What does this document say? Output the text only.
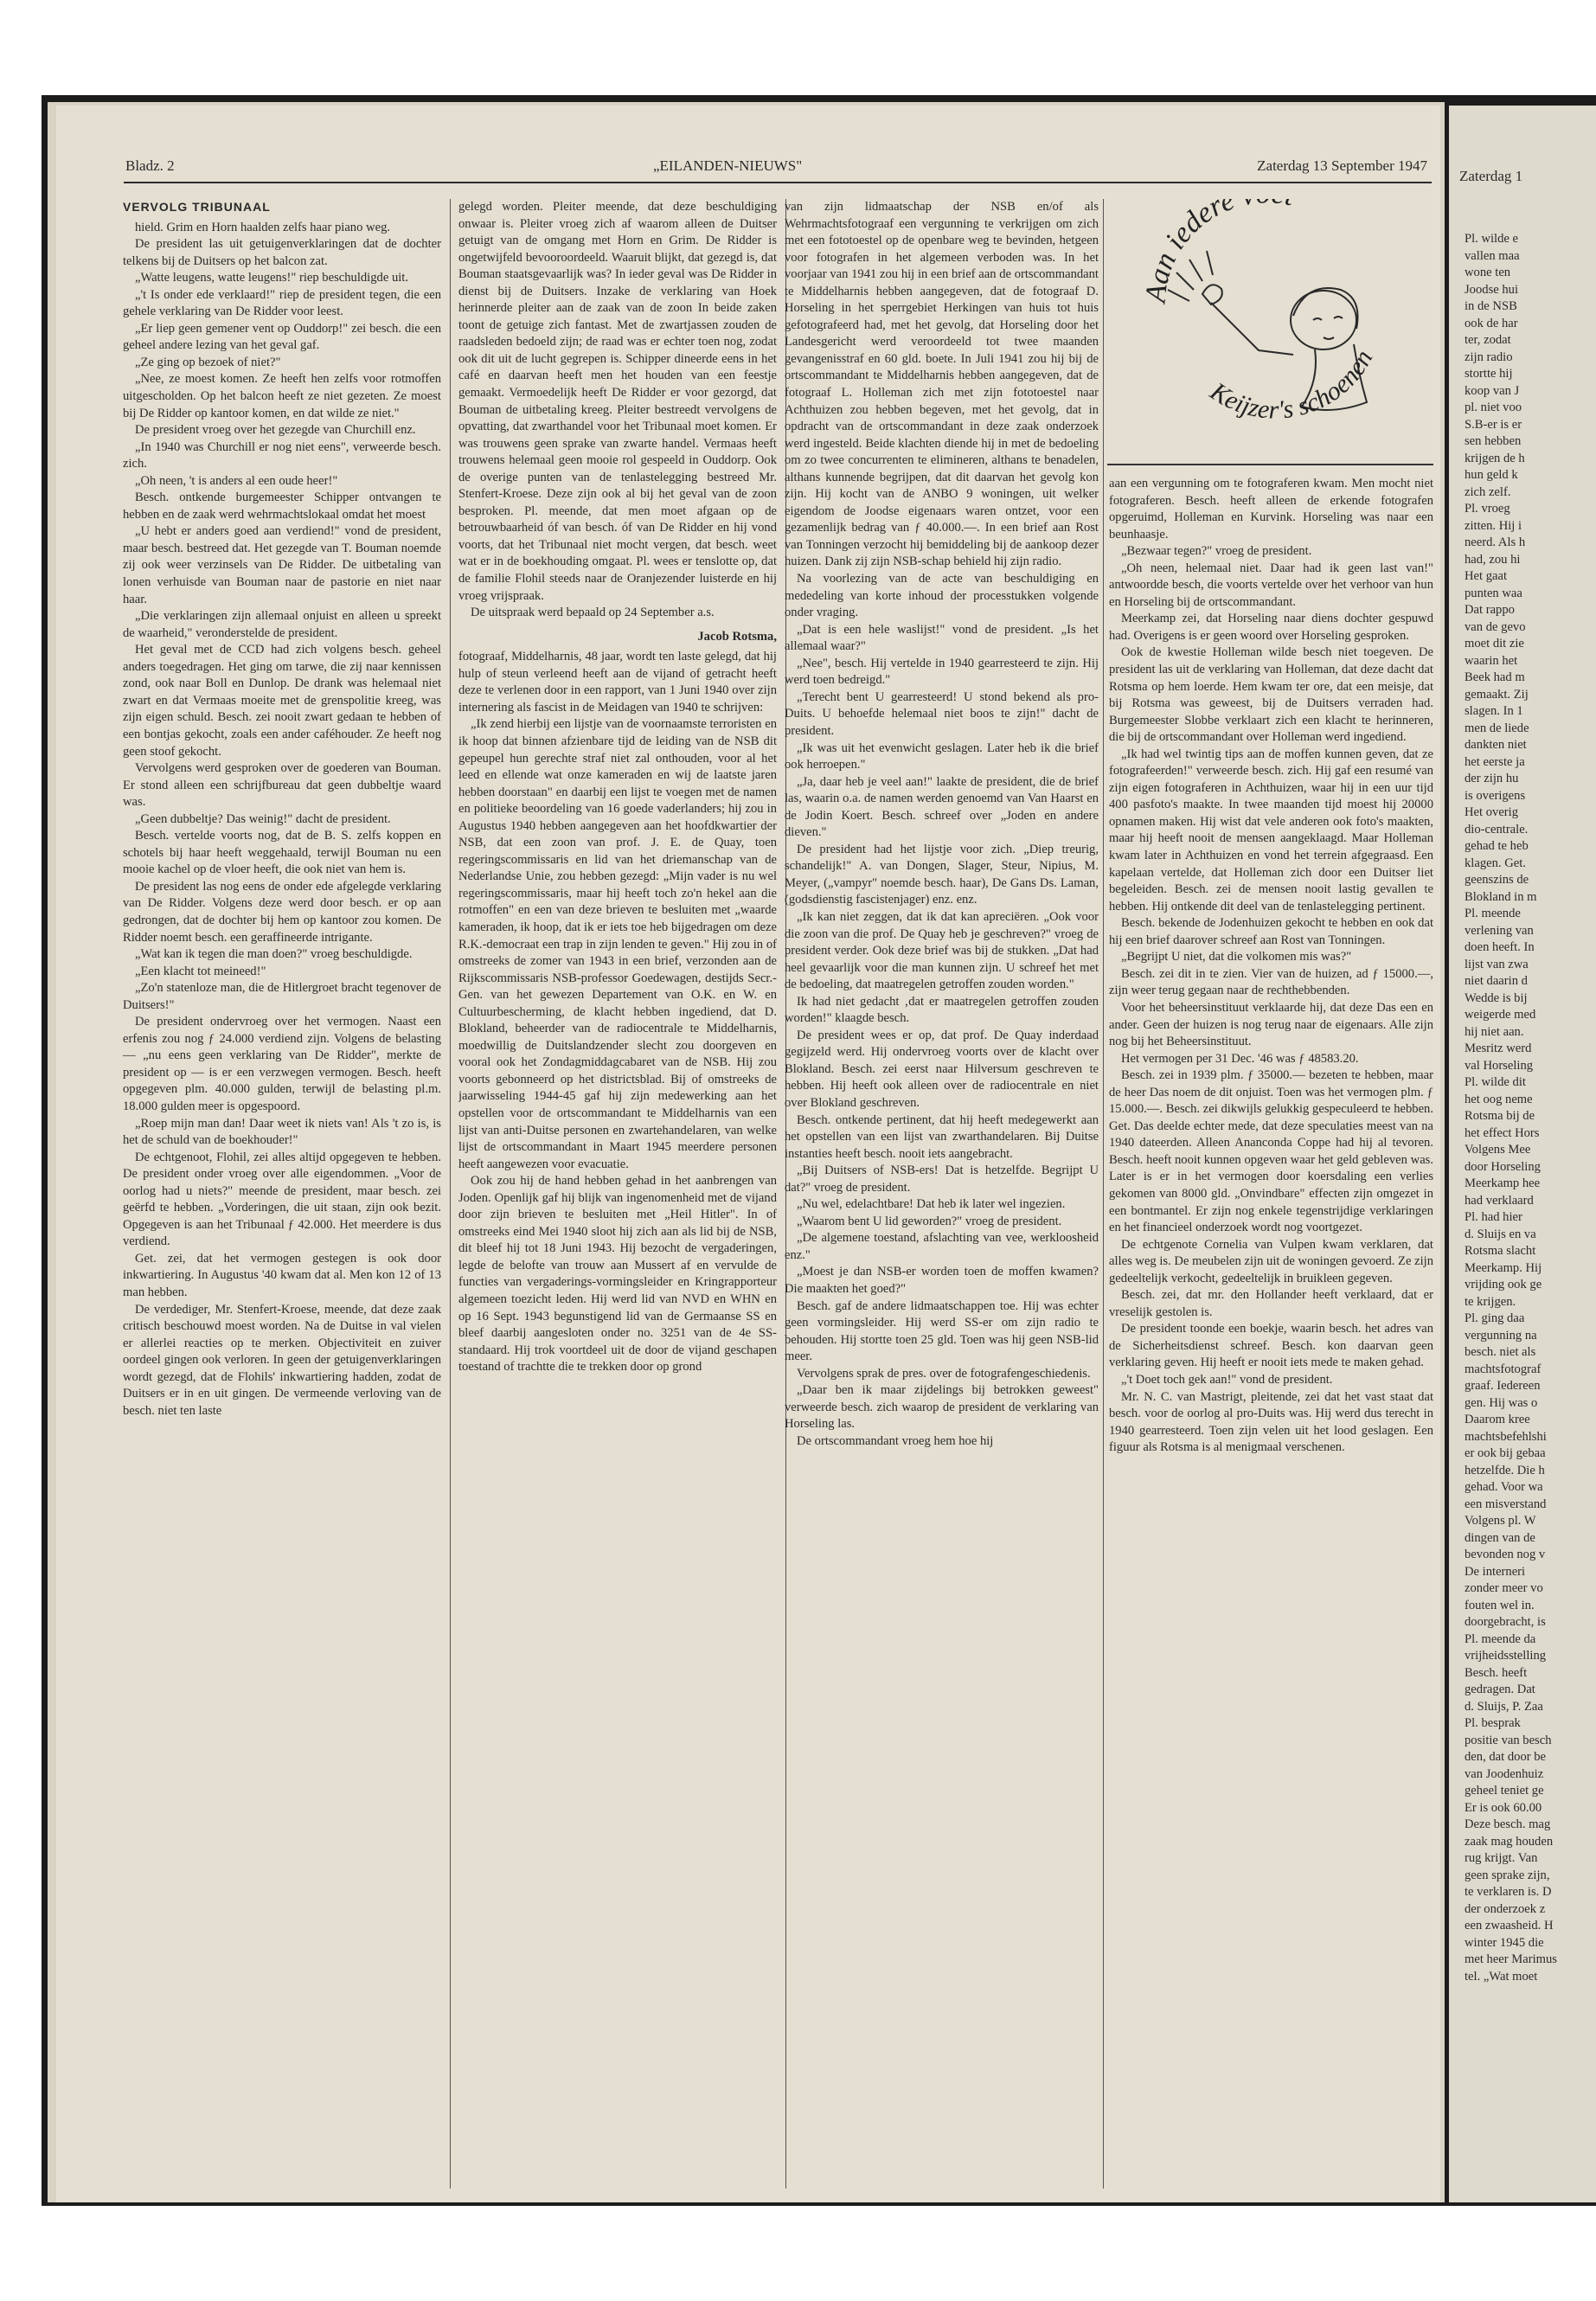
Bladz. 2	„EILANDEN-NIEUWS"	Zaterdag 13 September 1947

VERVOLG TRIBUNAAL

hield. Grim en Horn haalden zelfs haar piano weg.

De president las uit getuigenverklaringen dat de dochter telkens bij de Duitsers op het balcon zat.

„Watte leugens, watte leugens!" riep beschuldigde uit.

„'t Is onder ede verklaard!" riep de president tegen, die een gehele verklaring van De Ridder voor leest.

„Er liep geen gemener vent op Ouddorp!" zei besch. die een geheel andere lezing van het geval gaf.

„Ze ging op bezoek of niet?"

„Nee, ze moest komen. Ze heeft hen zelfs voor rotmoffen uitgescholden. Op het balcon heeft ze niet gezeten. Ze moest bij De Ridder op kantoor komen, en dat wilde ze niet."

De president vroeg over het gezegde van Churchill enz.

„In 1940 was Churchill er nog niet eens", verweerde besch. zich.

„Oh neen, 't is anders al een oude heer!"

Besch. ontkende burgemeester Schipper ontvangen te hebben en de zaak werd wehrmachtslokaal omdat het moest

„U hebt er anders goed aan verdiend!" vond de president, maar besch. bestreed dat. Het gezegde van T. Bouman noemde zij ook weer verzinsels van De Ridder. De uitbetaling van lonen verhuisde van Bouman naar de pastorie en niet naar haar.

„Die verklaringen zijn allemaal onjuist en alleen u spreekt de waarheid," veronderstelde de president.

Het geval met de CCD had zich volgens besch. geheel anders toegedragen. Het ging om tarwe, die zij naar kennissen zond, ook naar Boll en Dunlop. De drank was helemaal niet zwart en dat Vermaas moeite met de grenspolitie kreeg, was zijn eigen schuld. Besch. zei nooit zwart gedaan te hebben of een bontjas gekocht, zoals een ander caféhouder. Ze heeft nog geen stoof gekocht.

Vervolgens werd gesproken over de goederen van Bouman. Er stond alleen een schrijfbureau dat geen dubbeltje waard was.

„Geen dubbeltje? Das weinig!" dacht de president.

Besch. vertelde voorts nog, dat de B. S. zelfs koppen en schotels bij haar heeft weggehaald, terwijl Bouman nu een mooie kachel op de vloer heeft, die ook niet van hem is.

De president las nog eens de onder ede afgelegde verklaring van De Ridder. Volgens deze werd door besch. er op aan gedrongen, dat de dochter bij hem op kantoor zou komen. De Ridder noemt besch. een geraffineerde intrigante.

„Wat kan ik tegen die man doen?" vroeg beschuldigde.

„Een klacht tot meineed!"

„Zo'n statenloze man, die de Hitlergroet bracht tegenover de Duitsers!"

De president ondervroeg over het vermogen. Naast een erfenis zou nog ƒ 24.000 verdiend zijn. Volgens de belasting — „nu eens geen verklaring van De Ridder", merkte de president op — is er een verzwegen vermogen. Besch. heeft opgegeven plm. 40.000 gulden, terwijl de belasting pl.m. 18.000 gulden meer is opgespoord.

„Roep mijn man dan! Daar weet ik niets van! Als 't zo is, is het de schuld van de boekhouder!"

De echtgenoot, Flohil, zei alles altijd opgegeven te hebben. De president onder vroeg over alle eigendommen. „Voor de oorlog had u niets?" meende de president, maar besch. zei geërfd te hebben. „Vorderingen, die uit staan, zijn ook bezit. Opgegeven is aan het Tribunaal ƒ 42.000. Het meerdere is dus verdiend.

Get. zei, dat het vermogen gestegen is ook door inkwartiering. In Augustus '40 kwam dat al. Men kon 12 of 13 man hebben.

De verdediger, Mr. Stenfert-Kroese, meende, dat deze zaak critisch beschouwd moest worden. Na de Duitse in val vielen er allerlei reacties op te merken. Objectiviteit en zuiver oordeel gingen ook verloren. In geen der getuigenverklaringen wordt gezegd, dat de Flohils' inkwartiering hadden, zodat de Duitsers er in en uit gingen. De vermeende verloving van de besch. niet ten laste

gelegd worden. Pleiter meende, dat deze beschuldiging onwaar is. Pleiter vroeg zich af waarom alleen de Duitser getuigt van de omgang met Horn en Grim. De Ridder is ongetwijfeld bevooroordeeld. Waaruit blijkt, dat gezegd is, dat Bouman staatsgevaarlijk was? In ieder geval was De Ridder in dienst bij de Duitsers. Inzake de verklaring van Hoek herinnerde pleiter aan de zaak van de zoon In beide zaken toont de getuige zich fantast. Met de zwartjassen zouden de raadsleden bedoeld zijn; de raad was er echter toen nog, zodat ook dit uit de lucht gegrepen is. Schipper dineerde eens in het café en daarvan heeft men het houden van een feestje gemaakt. Vermoedelijk heeft De Ridder er voor gezorgd, dat Bouman de uitbetaling kreeg. Pleiter bestreedt vervolgens de opvatting, dat zwarthandel voor het Tribunaal moet komen. Er was trouwens geen sprake van zwarte handel. Vermaas heeft trouwens helemaal geen mooie rol gespeeld in Ouddorp. Ook de overige punten van de tenlastelegging bestreed Mr. Stenfert-Kroese. Deze zijn ook al bij het geval van de zoon besproken. Pl. meende, dat men moet afgaan op de betrouwbaarheid óf van besch. óf van De Ridder en hij vond voorts, dat het Tribunaal niet mocht vergen, dat besch. weet wat er in de boekhouding omgaat. Pl. wees er tenslotte op, dat de familie Flohil steeds naar de Oranjezender luisterde en hij vroeg vrijspraak.

De uitspraak werd bepaald op 24 September a.s.

Jacob Rotsma,

fotograaf, Middelharnis, 48 jaar, wordt ten laste gelegd, dat hij hulp of steun verleend heeft aan de vijand of getracht heeft deze te verlenen door in een rapport, van 1 Juni 1940 over zijn internering als fascist in de Meidagen van 1940 te schrijven:

„Ik zend hierbij een lijstje van de voornaamste terroristen en ik hoop dat binnen afzienbare tijd de leiding van de NSB dit gepeupel hun gerechte straf niet zal onthouden, voor al het leed en ellende wat onze kameraden en wij de laatste jaren hebben doorstaan" en daarbij een lijst te voegen met de namen en politieke beoordeling van 16 goede vaderlanders; hij zou in Augustus 1940 hebben aangegeven aan het hoofdkwartier der NSB, dat een zoon van prof. J. E. de Quay, toen regeringscommissaris en lid van het driemanschap van de Nederlandse Unie, zou hebben gezegd: „Mijn vader is nu wel regeringscommissaris, maar hij heeft toch zo'n hekel aan die rotmoffen" en een van deze brieven te besluiten met „waarde kameraden, ik hoop, dat ik er iets toe heb bijgedragen om deze R.K.-democraat een trap in zijn lenden te geven." Hij zou in of omstreeks de zomer van 1943 in een brief, verzonden aan de Rijkscommissaris NSB-professor Goedewagen, destijds Secr.-Gen. van het gewezen Departement van O.K. en W. en Cultuurbescherming, de klacht hebben ingediend, dat D. Blokland, beheerder van de radiocentrale te Middelharnis, moedwillig de Duitslandzender slecht zou doorgeven en vooral ook het Zondagmiddagcabaret van de NSB. Hij zou voorts gebonneerd op het districtsblad. Bij of omstreeks de jaarwisseling 1944-45 gaf hij zijn medewerking aan het opstellen voor de ortscommandant te Middelharnis van een lijst van anti-Duitse personen en zwartehandelaren, van welke lijst de ortscommandant in Maart 1945 meerdere personen heeft aangewezen voor evacuatie.

Ook zou hij de hand hebben gehad in het aanbrengen van Joden. Openlijk gaf hij blijk van ingenomenheid met de vijand door zijn brieven te besluiten met „Heil Hitler". In of omstreeks eind Mei 1940 sloot hij zich aan als lid bij de NSB, dit bleef hij tot 18 Juni 1943. Hij bezocht de vergaderingen, legde de belofte van trouw aan Mussert af en vervulde de functies van vergaderings-vormingsleider en Kringrapporteur algemeen toezicht leden. Hij werd lid van NVD en WHN en op 16 Sept. 1943 begunstigend lid van de Germaanse SS en bleef daarbij aangesloten onder no. 3251 van de 4e SS-standaard. Hij trok voortdeel uit de door de vijand geschapen toestand of trachtte die te trekken door op grond

van zijn lidmaatschap der NSB en/of als Wehrmachtsfotograaf een vergunning te verkrijgen om zich met een fototoestel op de openbare weg te bevinden, hetgeen voor fotografen in het algemeen verboden was. In het voorjaar van 1941 zou hij in een brief aan de ortscommandant te Middelharnis hebben aangegeven, dat de fotograaf D. Horseling in het sperrgebiet Herkingen van huis tot huis gefotografeerd had, met het gevolg, dat Horseling door het Landesgericht werd veroordeeld tot twee maanden gevangenisstraf en 60 gld. boete. In Juli 1941 zou hij bij de ortscommandant te Middelharnis hebben aangegeven, dat de fotograaf L. Holleman zich met zijn fototoestel naar Achthuizen zou hebben begeven, met het gevolg, dat in opdracht van de ortscommandant in deze zaak onderzoek werd ingesteld. Beide klachten diende hij in met de bedoeling om zo twee concurrenten te elimineren, althans te benadelen, althans kunnende begrijpen, dat dit daarvan het gevolg kon zijn. Hij kocht van de ANBO 9 woningen, uit welker eigendom de Joodse eigenaars waren ontzet, voor een gezamenlijk bedrag van ƒ 40.000.—. In een brief aan Rost van Tonningen verzocht hij bemiddeling bij de aankoop dezer huizen. Dank zij zijn NSB-schap behield hij zijn radio.

Na voorlezing van de acte van beschuldiging en mededeling van korte inhoud der processtukken volgende onder vraging.

„Dat is een hele waslijst!" vond de president. „Is het allemaal waar?"

„Nee", besch. Hij vertelde in 1940 gearresteerd te zijn. Hij werd toen bedreigd."

„Terecht bent U gearresteerd! U stond bekend als pro-Duits. U behoefde helemaal niet boos te zijn!" dacht de president.

„Ik was uit het evenwicht geslagen. Later heb ik die brief ook herroepen."

„Ja, daar heb je veel aan!" laakte de president, die de brief las, waarin o.a. de namen werden genoemd van Van Haarst en de Jodin Koert. Besch. schreef over „Joden en andere dieven."

De president had het lijstje voor zich. „Diep treurig, schandelijk!" A. van Dongen, Slager, Steur, Nipius, M. Meyer, („vampyr" noemde besch. haar), De Gans Ds. Laman, (godsdienstig fascistenjager) enz. enz.

„Ik kan niet zeggen, dat ik dat kan apreciëren. „Ook voor die zoon van die prof. De Quay heb je geschreven?" vroeg de president verder. Ook deze brief was bij de stukken. „Dat had heel gevaarlijk voor die man kunnen zijn. U schreef het met de bedoeling, dat maatregelen getroffen zouden worden."

Ik had niet gedacht ‚dat er maatregelen getroffen zouden worden!" klaagde besch.

De president wees er op, dat prof. De Quay inderdaad gegijzeld werd. Hij ondervroeg voorts over de klacht over Blokland. Besch. zei eerst naar Hilversum geschreven te hebben. Hij heeft ook alleen over de radiocentrale en niet over Blokland geschreven.

Besch. ontkende pertinent, dat hij heeft medegewerkt aan het opstellen van een lijst van zwarthandelaren. Bij Duitse instanties heeft besch. nooit iets aangebracht.

„Bij Duitsers of NSB-ers! Dat is hetzelfde. Begrijpt U dat?" vroeg de president.

„Nu wel, edelachtbare! Dat heb ik later wel ingezien.

„Waarom bent U lid geworden?" vroeg de president.

„De algemene toestand, afslachting van vee, werkloosheid enz."

„Moest je dan NSB-er worden toen de moffen kwamen? Die maakten het goed?"

Besch. gaf de andere lidmaatschappen toe. Hij was echter geen vormingsleider. Hij werd SS-er om zijn radio te behouden. Hij stortte toen 25 gld. Toen was hij geen NSB-lid meer.

Vervolgens sprak de pres. over de fotografengeschiedenis.

„Daar ben ik maar zijdelings bij betrokken geweest" verweerde besch. zich waarop de president de verklaring van Horseling las.

De ortscommandant vroeg hem hoe hij

Aan iedere
Keijzer's schoenen

aan een vergunning om te fotograferen kwam. Men mocht niet fotograferen. Besch. heeft alleen de erkende fotografen opgeruimd, Holleman en Kurvink. Horseling was naar een beunhaasje.

„Bezwaar tegen?" vroeg de president.

„Oh neen, helemaal niet. Daar had ik geen last van!" antwoordde besch, die voorts vertelde over het verhoor van hun en Horseling bij de ortscommandant.

Meerkamp zei, dat Horseling naar diens dochter gespuwd had. Overigens is er geen woord over Horseling gesproken.

Ook de kwestie Holleman wilde besch niet toegeven. De president las uit de verklaring van Holleman, dat deze dacht dat Rotsma op hem loerde. Hem kwam ter ore, dat een meisje, dat bij Rotsma was geweest, bij de Duitsers verraden had. Burgemeester Slobbe verklaart zich een klacht te herinneren, die bij de ortscommandant over Holleman werd ingediend.

„Ik had wel twintig tips aan de moffen kunnen geven, dat ze fotografeerden!" verweerde besch. zich. Hij gaf een resumé van zijn eigen fotograferen in Achthuizen, waar hij in een uur tijd 400 pasfoto's maakte. In twee maanden tijd moest hij 20000 opnamen maken. Hij wist dat vele anderen ook foto's maakten, maar hij heeft nooit de mensen aangeklaagd. Maar Holleman kwam later in Achthuizen en vond het terrein afgegraasd. Een kapelaan vertelde, dat Holleman zich door een Duitser liet begeleiden. Besch. zei de mensen nooit lastig gevallen te hebben. Hij ontkende dit deel van de tenlastelegging pertinent.

Besch. bekende de Jodenhuizen gekocht te hebben en ook dat hij een brief daarover schreef aan Rost van Tonningen.

„Begrijpt U niet, dat die volkomen mis was?"

Besch. zei dit in te zien. Vier van de huizen, ad ƒ 15000.—, zijn weer terug gegaan naar de rechthebbenden.

Voor het beheersinstituut verklaarde hij, dat deze Das een en ander. Geen der huizen is nog terug naar de eigenaars. Alle zijn nog bij het Beheersinstituut.

Het vermogen per 31 Dec. '46 was ƒ 48583.20.

Besch. zei in 1939 plm. ƒ 35000.— bezeten te hebben, maar de heer Das noem de dit onjuist. Toen was het vermogen plm. ƒ 15.000.—. Besch. zei dikwijls gelukkig gespeculeerd te hebben. Get. Das deelde echter mede, dat deze speculaties meest van na 1940 dateerden. Alleen Ananconda Coppe had hij al tevoren. Besch. heeft nooit kunnen opgeven waar het geld gebleven was. Later is er in het vermogen door koersdaling een verlies gekomen van 8000 gld. „Onvindbare" effecten zijn omgezet in een bontmantel. Er zijn nog enkele tegenstrijdige verklaringen en het financieel onderzoek wordt nog voortgezet.

De echtgenote Cornelia van Vulpen kwam verklaren, dat alles weg is. De meubelen zijn uit de woningen gevoerd. Ze zijn gedeeltelijk verkocht, gedeeltelijk in bruikleen gegeven.

Besch. zei, dat mr. den Hollander heeft verklaard, dat er vreselijk gestolen is.

De president toonde een boekje, waarin besch. het adres van de Sicherheitsdienst schreef. Besch. kon daarvan geen verklaring geven. Hij heeft er nooit iets mede te maken gehad.

„'t Doet toch gek aan!" vond de president.

Mr. N. C. van Mastrigt, pleitende, zei dat het vast staat dat besch. voor de oorlog al pro-Duits was. Hij werd dus terecht in 1940 gearresteerd. Toen zijn velen uit het lood geslagen. Een figuur als Rotsma is al menigmaal verschenen.

Zaterdag 1
Pl. wilde e
vallen maa
wone ten
Joodse hui
in de NSB
ook de har
ter, zodat
zijn radio
stortte hij
koop van J
pl. niet voo
S.B-er is er
sen hebben
krijgen de h
hun geld k
zich zelf.
Pl. vroeg
zitten. Hij i
neerd. Als h
had, zou hi
Het gaat
punten waa
Dat rappo
van de gevo
moet dit zie
waarin het
Beek had m
gemaakt. Zij
slagen. In 1
men de liede
dankten niet
het eerste ja
der zijn hu
is overigens
Het overig
dio-centrale.
gehad te heb
klagen. Get.
geenszins de
Blokland in m
Pl. meende
verlening van
doen heeft. In
lijst van zwa
niet daarin d
Wedde is bij
weigerde med
hij niet aan.
Mesritz werd
val Horseling
Pl. wilde dit
het oog neme
Rotsma bij de
het effect Hors
Volgens Mee
door Horseling
Meerkamp hee
had verklaard
Pl. had hier
d. Sluijs en va
Rotsma slacht
Meerkamp. Hij
vrijding ook ge
te krijgen.
Pl. ging daa
vergunning na
besch. niet als
machtsfotograf
graaf. Iedereen
gen. Hij was o
Daarom kree
machtsbefehlshi
er ook bij gebaa
hetzelfde. Die h
gehad. Voor wa
een misverstand
Volgens pl. W
dingen van de
bevonden nog v
De interneri
zonder meer vo
fouten wel in.
doorgebracht, is
Pl. meende da
vrijheidsstelling
Besch. heeft
gedragen. Dat
d. Sluijs, P. Zaa
Pl. besprak
positie van besch
den, dat door be
van Joodenhuiz
geheel teniet ge
Er is ook 60.00
Deze besch. mag
zaak mag houden
rug krijgt. Van
geen sprake zijn,
te verklaren is. D
der onderzoek z
een zwaasheid. H
winter 1945 die
met heer Marimus
tel. „Wat moet
